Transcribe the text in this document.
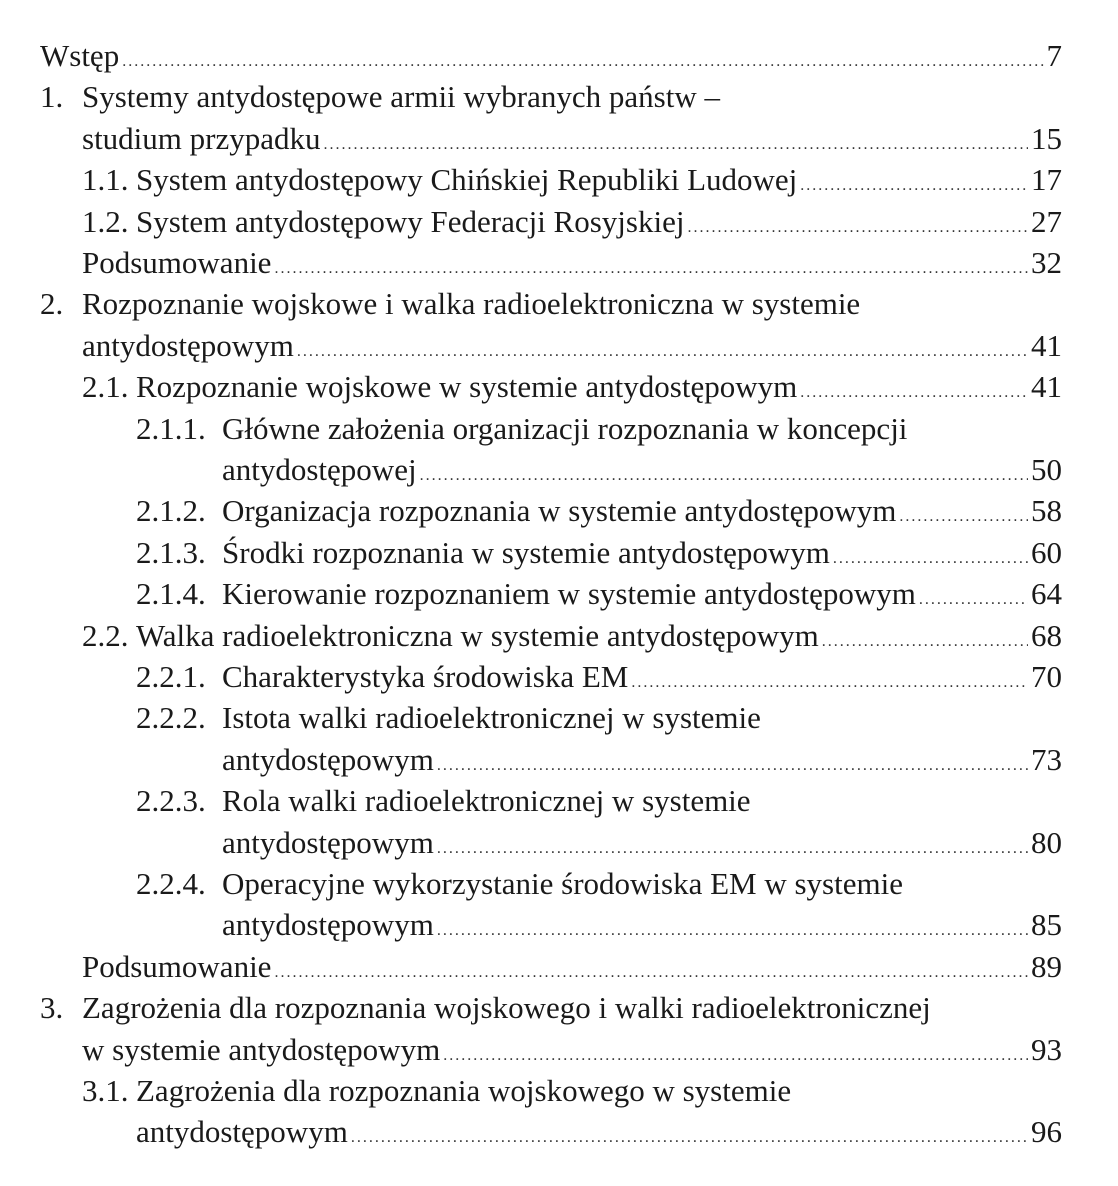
Wstęp .....	7
1. Systemy antydostępowe armii wybranych państw –
studium przypadku .....	15
1.1. System antydostępowy Chińskiej Republiki Ludowej .....	17
1.2. System antydostępowy Federacji Rosyjskiej .....	27
Podsumowanie .....	32
2. Rozpoznanie wojskowe i walka radioelektroniczna w systemie
antydostępowym .....	41
2.1. Rozpoznanie wojskowe w systemie antydostępowym .....	41
2.1.1. Główne założenia organizacji rozpoznania w koncepcji
antydostępowej .....	50
2.1.2. Organizacja rozpoznania w systemie antydostępowym .....	58
2.1.3. Środki rozpoznania w systemie antydostępowym .....	60
2.1.4. Kierowanie rozpoznaniem w systemie antydostępowym .....	64
2.2. Walka radioelektroniczna w systemie antydostępowym .....	68
2.2.1. Charakterystyka środowiska EM .....	70
2.2.2. Istota walki radioelektronicznej w systemie
antydostępowym .....	73
2.2.3. Rola walki radioelektronicznej w systemie
antydostępowym .....	80
2.2.4. Operacyjne wykorzystanie środowiska EM w systemie
antydostępowym .....	85
Podsumowanie .....	89
3. Zagrożenia dla rozpoznania wojskowego i walki radioelektronicznej
w systemie antydostępowym .....	93
3.1. Zagrożenia dla rozpoznania wojskowego w systemie
antydostępowym .....	96
